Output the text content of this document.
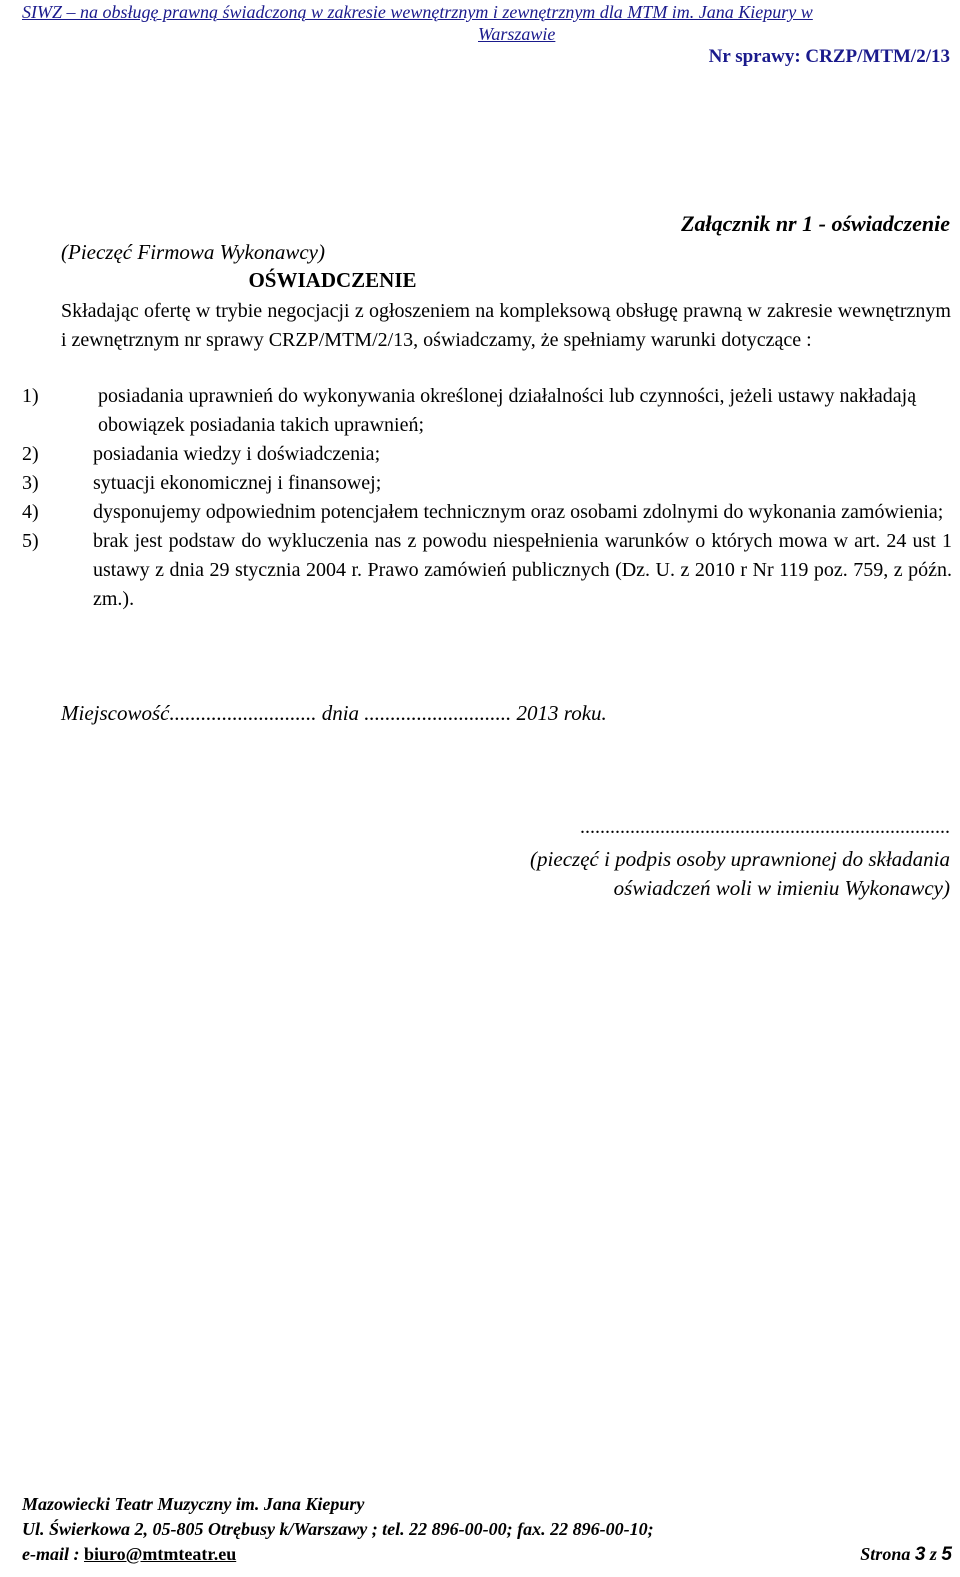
SIWZ – na obsługę prawną świadczoną w zakresie wewnętrznym i zewnętrznym dla MTM im. Jana Kiepury w
Warszawie
Nr sprawy: CRZP/MTM/2/13
Załącznik nr 1 - oświadczenie
(Pieczęć Firmowa Wykonawcy)
OŚWIADCZENIE
Składając ofertę w trybie negocjacji z ogłoszeniem na kompleksową obsługę prawną w zakresie wewnętrznym i zewnętrznym nr sprawy CRZP/MTM/2/13, oświadczamy, że spełniamy warunki dotyczące :
1)	posiadania uprawnień do wykonywania określonej działalności lub czynności, jeżeli ustawy nakładają obowiązek posiadania takich uprawnień;
2)	posiadania wiedzy i doświadczenia;
3)	sytuacji ekonomicznej i finansowej;
4)	dysponujemy odpowiednim potencjałem technicznym oraz osobami zdolnymi do wykonania zamówienia;
5)	brak jest podstaw do wykluczenia nas z powodu niespełnienia warunków o których mowa w art. 24 ust 1 ustawy z dnia 29 stycznia 2004 r. Prawo zamówień publicznych (Dz. U. z 2010 r Nr 119 poz. 759, z późn. zm.).
Miejscowość............................ dnia ............................ 2013 roku.
..........................................................................
(pieczęć i podpis osoby uprawnionej do składania oświadczeń woli w imieniu Wykonawcy)
Mazowiecki Teatr Muzyczny im. Jana Kiepury
Ul. Świerkowa 2, 05-805 Otrębusy k/Warszawy ; tel. 22 896-00-00; fax. 22 896-00-10;
e-mail : biuro@mtmteatr.eu	Strona 3 z 5
